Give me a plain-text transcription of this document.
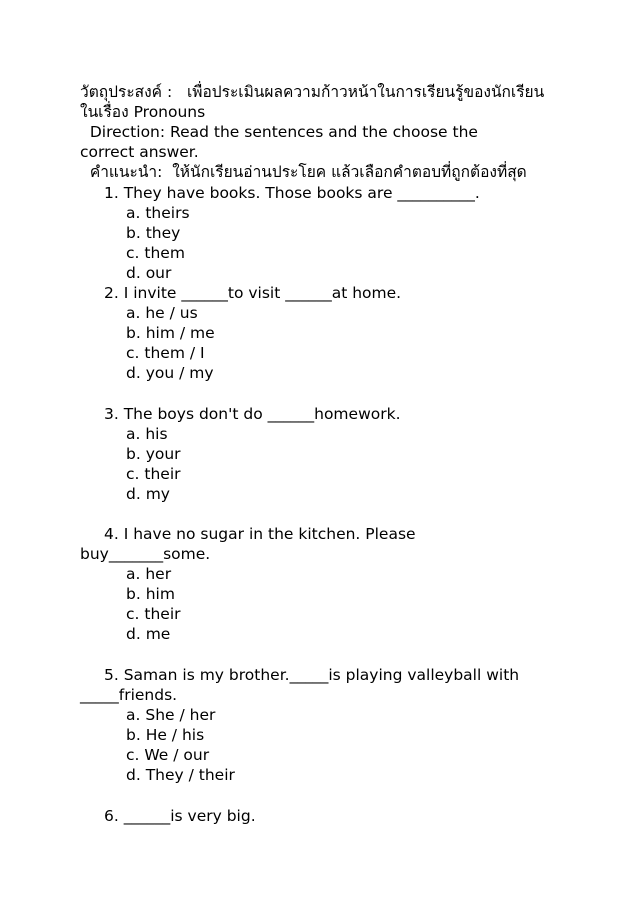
วัตถุประสงค์ :   เพื่อประเมินผลความก้าวหน้าในการเรียนรู้ของนักเรียน
ในเรื่อง Pronouns
Direction: Read the sentences and the choose the
correct answer.
คำแนะนำ:  ให้นักเรียนอ่านประโยค แล้วเลือกคำตอบที่ถูกต้องที่สุด
1. They have books. Those books are __________.
a. theirs
b. they
c. them
d. our
2. I invite ______to visit ______at home.
a. he / us
b. him / me
c. them / I
d. you / my
3. The boys don't do ______homework.
a. his
b. your
c. their
d. my
4. I have no sugar in the kitchen. Please
buy_______some.
a. her
b. him
c. their
d. me
5. Saman is my brother._____is playing valleyball with
_____friends.
a. She / her
b. He / his
c. We / our
d. They / their
6. ______is very big.
